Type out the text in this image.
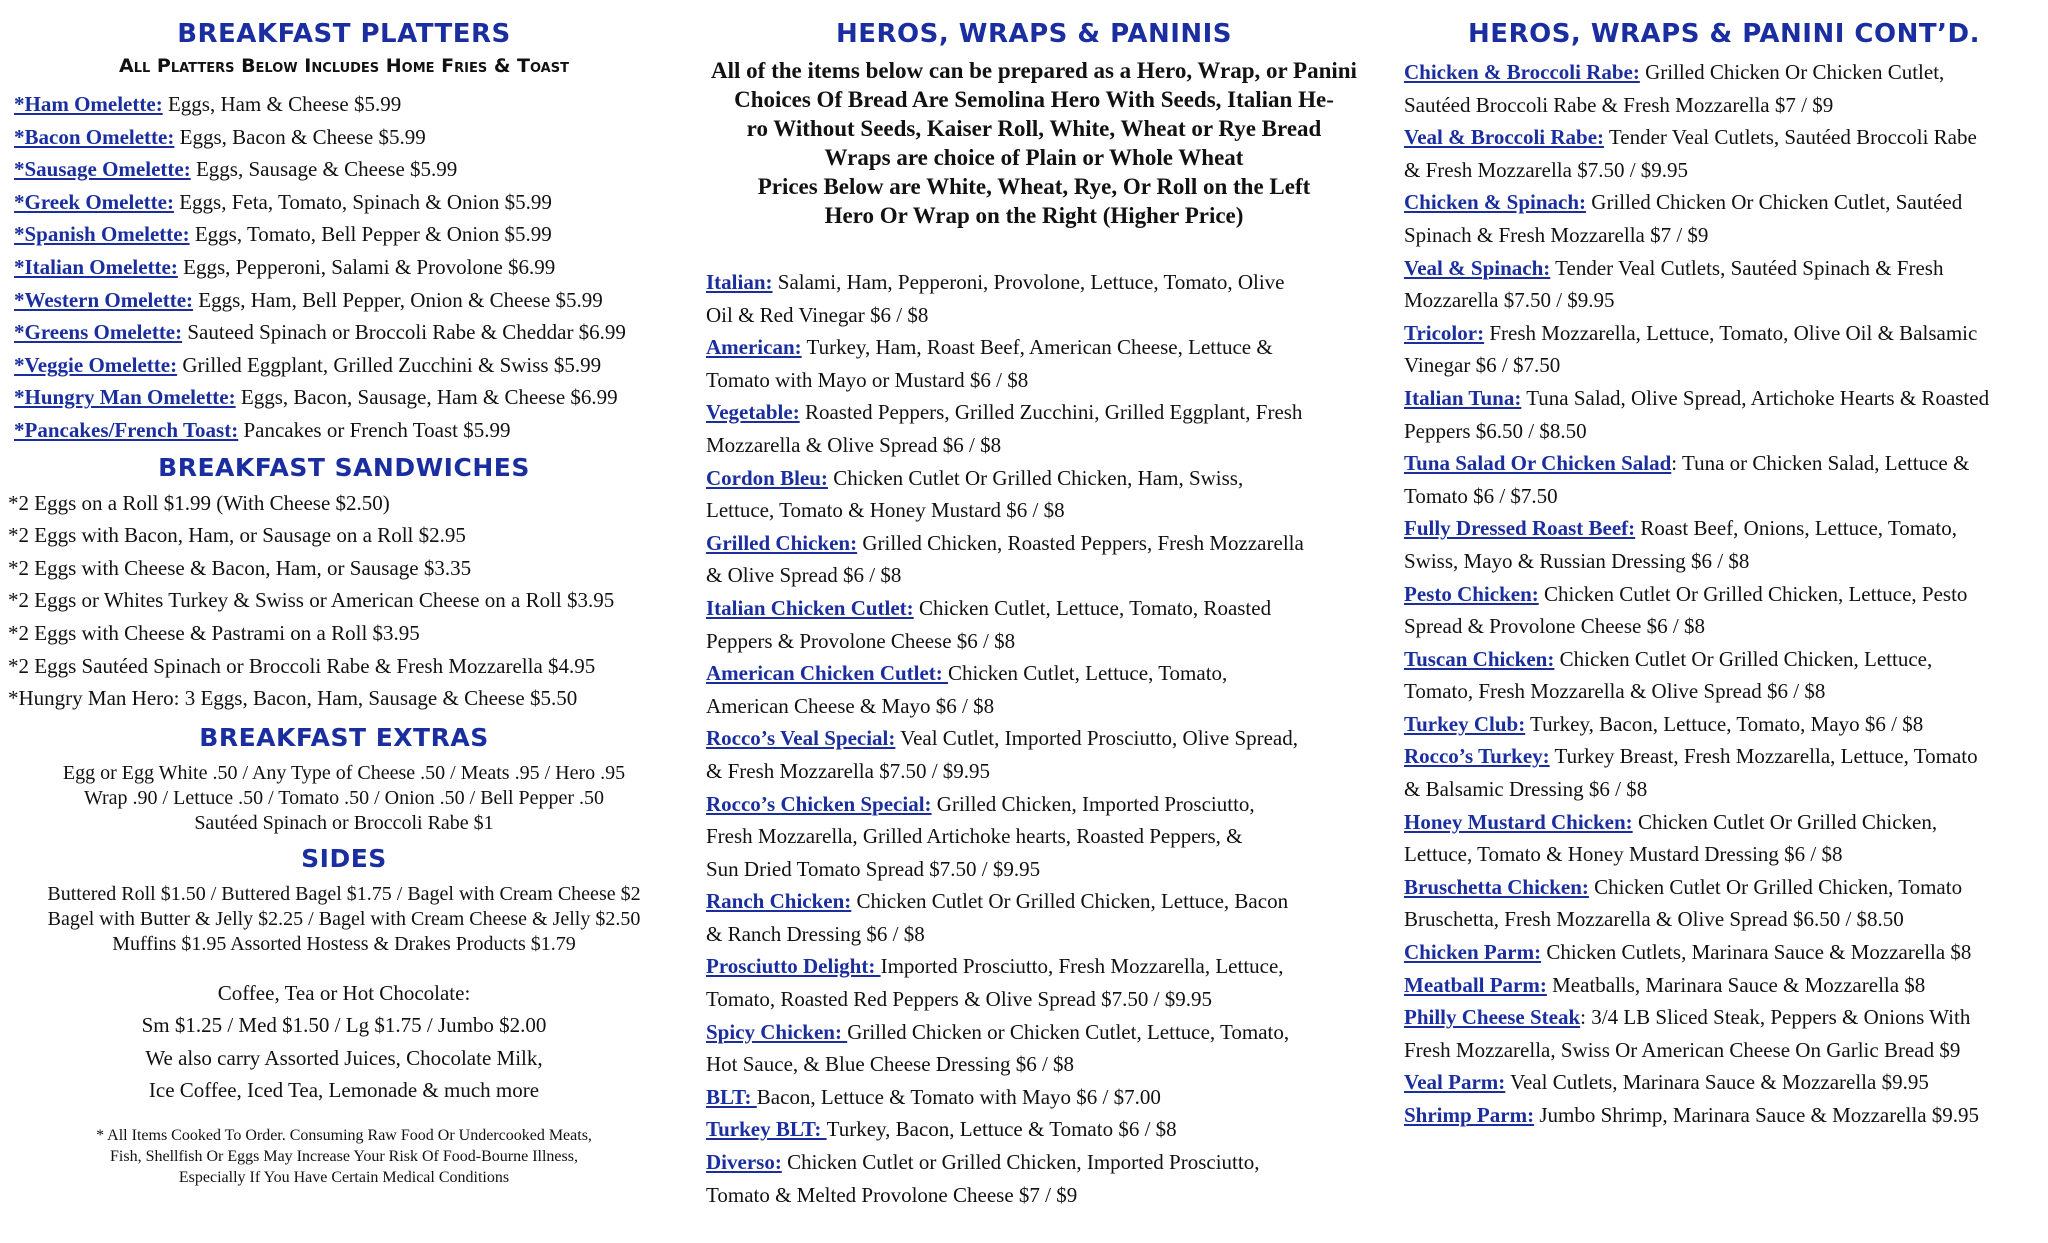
BREAKFAST PLATTERS
All Platters Below Includes Home Fries & Toast
*Ham Omelette: Eggs, Ham & Cheese $5.99
*Bacon Omelette: Eggs, Bacon & Cheese $5.99
*Sausage Omelette: Eggs, Sausage & Cheese $5.99
*Greek Omelette: Eggs, Feta, Tomato, Spinach & Onion $5.99
*Spanish Omelette: Eggs, Tomato, Bell Pepper & Onion $5.99
*Italian Omelette: Eggs, Pepperoni, Salami & Provolone $6.99
*Western Omelette: Eggs, Ham, Bell Pepper, Onion & Cheese $5.99
*Greens Omelette: Sauteed Spinach or Broccoli Rabe & Cheddar $6.99
*Veggie Omelette: Grilled Eggplant, Grilled Zucchini & Swiss $5.99
*Hungry Man Omelette: Eggs, Bacon, Sausage, Ham & Cheese $6.99
*Pancakes/French Toast: Pancakes or French Toast $5.99
BREAKFAST SANDWICHES
*2 Eggs on a Roll $1.99 (With Cheese $2.50)
*2 Eggs with Bacon, Ham, or Sausage on a Roll $2.95
*2 Eggs with Cheese & Bacon, Ham, or Sausage $3.35
*2 Eggs or Whites Turkey & Swiss or American Cheese on a Roll $3.95
*2 Eggs with Cheese & Pastrami on a Roll $3.95
*2 Eggs Sautéed Spinach or Broccoli Rabe & Fresh Mozzarella $4.95
*Hungry Man Hero: 3 Eggs, Bacon, Ham, Sausage & Cheese $5.50
BREAKFAST EXTRAS
Egg or Egg White .50 / Any Type of Cheese .50 / Meats .95 / Hero .95
Wrap .90 / Lettuce .50 / Tomato .50 / Onion .50 / Bell Pepper .50
Sautéed Spinach or Broccoli Rabe $1
SIDES
Buttered Roll $1.50 / Buttered Bagel $1.75 / Bagel with Cream Cheese $2
Bagel with Butter & Jelly $2.25 / Bagel with Cream Cheese & Jelly $2.50
Muffins $1.95 Assorted Hostess & Drakes Products $1.79
Coffee, Tea or Hot Chocolate:
Sm $1.25 / Med $1.50 / Lg $1.75 / Jumbo $2.00
We also carry Assorted Juices, Chocolate Milk,
Ice Coffee, Iced Tea, Lemonade & much more
* All Items Cooked To Order. Consuming Raw Food Or Undercooked Meats,
Fish, Shellfish Or Eggs May Increase Your Risk Of Food-Bourne Illness,
Especially If You Have Certain Medical Conditions
HEROS, WRAPS & PANINIS
All of the items below can be prepared as a Hero, Wrap, or Panini
Choices Of Bread Are Semolina Hero With Seeds, Italian He-
ro Without Seeds, Kaiser Roll, White, Wheat or Rye Bread
Wraps are choice of Plain or Whole Wheat
Prices Below are White, Wheat, Rye, Or Roll on the Left
Hero Or Wrap on the Right (Higher Price)
Italian: Salami, Ham, Pepperoni, Provolone, Lettuce, Tomato, Olive
Oil & Red Vinegar $6 / $8
American: Turkey, Ham, Roast Beef, American Cheese, Lettuce &
Tomato with Mayo or Mustard $6 / $8
Vegetable: Roasted Peppers, Grilled Zucchini, Grilled Eggplant, Fresh
Mozzarella & Olive Spread $6 / $8
Cordon Bleu: Chicken Cutlet Or Grilled Chicken, Ham, Swiss,
Lettuce, Tomato & Honey Mustard $6 / $8
Grilled Chicken: Grilled Chicken, Roasted Peppers, Fresh Mozzarella
& Olive Spread $6 / $8
Italian Chicken Cutlet: Chicken Cutlet, Lettuce, Tomato, Roasted
Peppers & Provolone Cheese $6 / $8
American Chicken Cutlet: Chicken Cutlet, Lettuce, Tomato,
American Cheese & Mayo $6 / $8
Rocco’s Veal Special: Veal Cutlet, Imported Prosciutto, Olive Spread,
& Fresh Mozzarella $7.50 / $9.95
Rocco’s Chicken Special: Grilled Chicken, Imported Prosciutto,
Fresh Mozzarella, Grilled Artichoke hearts, Roasted Peppers, &
Sun Dried Tomato Spread $7.50 / $9.95
Ranch Chicken: Chicken Cutlet Or Grilled Chicken, Lettuce, Bacon
& Ranch Dressing $6 / $8
Prosciutto Delight: Imported Prosciutto, Fresh Mozzarella, Lettuce,
Tomato, Roasted Red Peppers & Olive Spread $7.50 / $9.95
Spicy Chicken: Grilled Chicken or Chicken Cutlet, Lettuce, Tomato,
Hot Sauce, & Blue Cheese Dressing $6 / $8
BLT: Bacon, Lettuce & Tomato with Mayo $6 / $7.00
Turkey BLT: Turkey, Bacon, Lettuce & Tomato $6 / $8
Diverso: Chicken Cutlet or Grilled Chicken, Imported Prosciutto,
Tomato & Melted Provolone Cheese $7 / $9
HEROS, WRAPS & PANINI CONT’D.
Chicken & Broccoli Rabe: Grilled Chicken Or Chicken Cutlet,
Sautéed Broccoli Rabe & Fresh Mozzarella $7 / $9
Veal & Broccoli Rabe: Tender Veal Cutlets, Sautéed Broccoli Rabe
& Fresh Mozzarella $7.50 / $9.95
Chicken & Spinach: Grilled Chicken Or Chicken Cutlet, Sautéed
Spinach & Fresh Mozzarella $7 / $9
Veal & Spinach: Tender Veal Cutlets, Sautéed Spinach & Fresh
Mozzarella $7.50 / $9.95
Tricolor: Fresh Mozzarella, Lettuce, Tomato, Olive Oil & Balsamic
Vinegar $6 / $7.50
Italian Tuna: Tuna Salad, Olive Spread, Artichoke Hearts & Roasted
Peppers $6.50 / $8.50
Tuna Salad Or Chicken Salad: Tuna or Chicken Salad, Lettuce &
Tomato $6 / $7.50
Fully Dressed Roast Beef: Roast Beef, Onions, Lettuce, Tomato,
Swiss, Mayo & Russian Dressing $6 / $8
Pesto Chicken: Chicken Cutlet Or Grilled Chicken, Lettuce, Pesto
Spread & Provolone Cheese $6 / $8
Tuscan Chicken: Chicken Cutlet Or Grilled Chicken, Lettuce,
Tomato, Fresh Mozzarella & Olive Spread $6 / $8
Turkey Club: Turkey, Bacon, Lettuce, Tomato, Mayo $6 / $8
Rocco’s Turkey: Turkey Breast, Fresh Mozzarella, Lettuce, Tomato
& Balsamic Dressing $6 / $8
Honey Mustard Chicken: Chicken Cutlet Or Grilled Chicken,
Lettuce, Tomato & Honey Mustard Dressing $6 / $8
Bruschetta Chicken: Chicken Cutlet Or Grilled Chicken, Tomato
Bruschetta, Fresh Mozzarella & Olive Spread $6.50 / $8.50
Chicken Parm: Chicken Cutlets, Marinara Sauce & Mozzarella $8
Meatball Parm: Meatballs, Marinara Sauce & Mozzarella $8
Philly Cheese Steak: 3/4 LB Sliced Steak, Peppers & Onions With
Fresh Mozzarella, Swiss Or American Cheese On Garlic Bread $9
Veal Parm: Veal Cutlets, Marinara Sauce & Mozzarella $9.95
Shrimp Parm: Jumbo Shrimp, Marinara Sauce & Mozzarella $9.95
